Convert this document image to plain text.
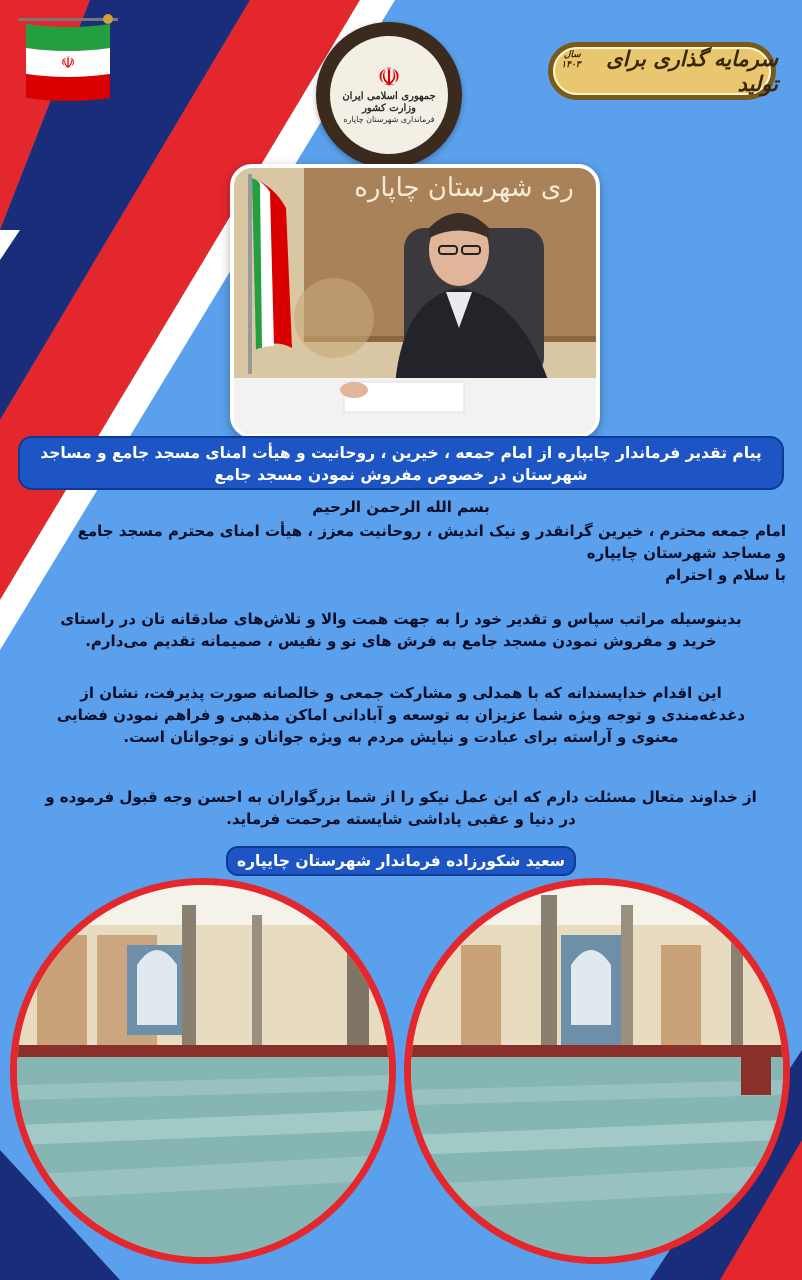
☫
☫
جمهوری اسلامی ایران
وزارت کشور
فرمانداری شهرستان چاپاره
سرمایه گذاری برای تولید
سال ۱۴۰۳
ری شهرستان چاپاره
پیام تقدیر فرماندار چایپاره از امام جمعه ، خیرین ، روحانیت و هیأت امنای مسجد جامع و مساجد
شهرستان در خصوص مفروش نمودن مسجد جامع
بسم الله الرحمن الرحیم
امام جمعه محترم ، خیرین گرانقدر و نیک اندیش ، روحانیت معزز ، هیأت امنای محترم مسجد جامع
و مساجد شهرستان چایپاره
با سلام و احترام
بدینوسیله مراتب سپاس و تقدیر خود را به جهت همت والا و تلاش‌های صادقانه تان در راستای
خرید و مفروش نمودن مسجد جامع به فرش های نو و نفیس ، صمیمانه تقدیم می‌دارم.
این اقدام خداپسندانه که با همدلی و مشارکت جمعی و خالصانه صورت پذیرفت، نشان از
دغدغه‌مندی و توجه ویژه شما عزیزان به توسعه و آبادانی اماکن مذهبی و فراهم نمودن فضایی
معنوی و آراسته برای عبادت و نیایش مردم به ویژه جوانان و نوجوانان است.
از خداوند متعال مسئلت دارم که این عمل نیکو را از شما بزرگواران به احسن وجه قبول فرموده و
در دنیا و عقبی پاداشی شایسته مرحمت فرماید.
سعید شکورزاده فرماندار شهرستان چایپاره
